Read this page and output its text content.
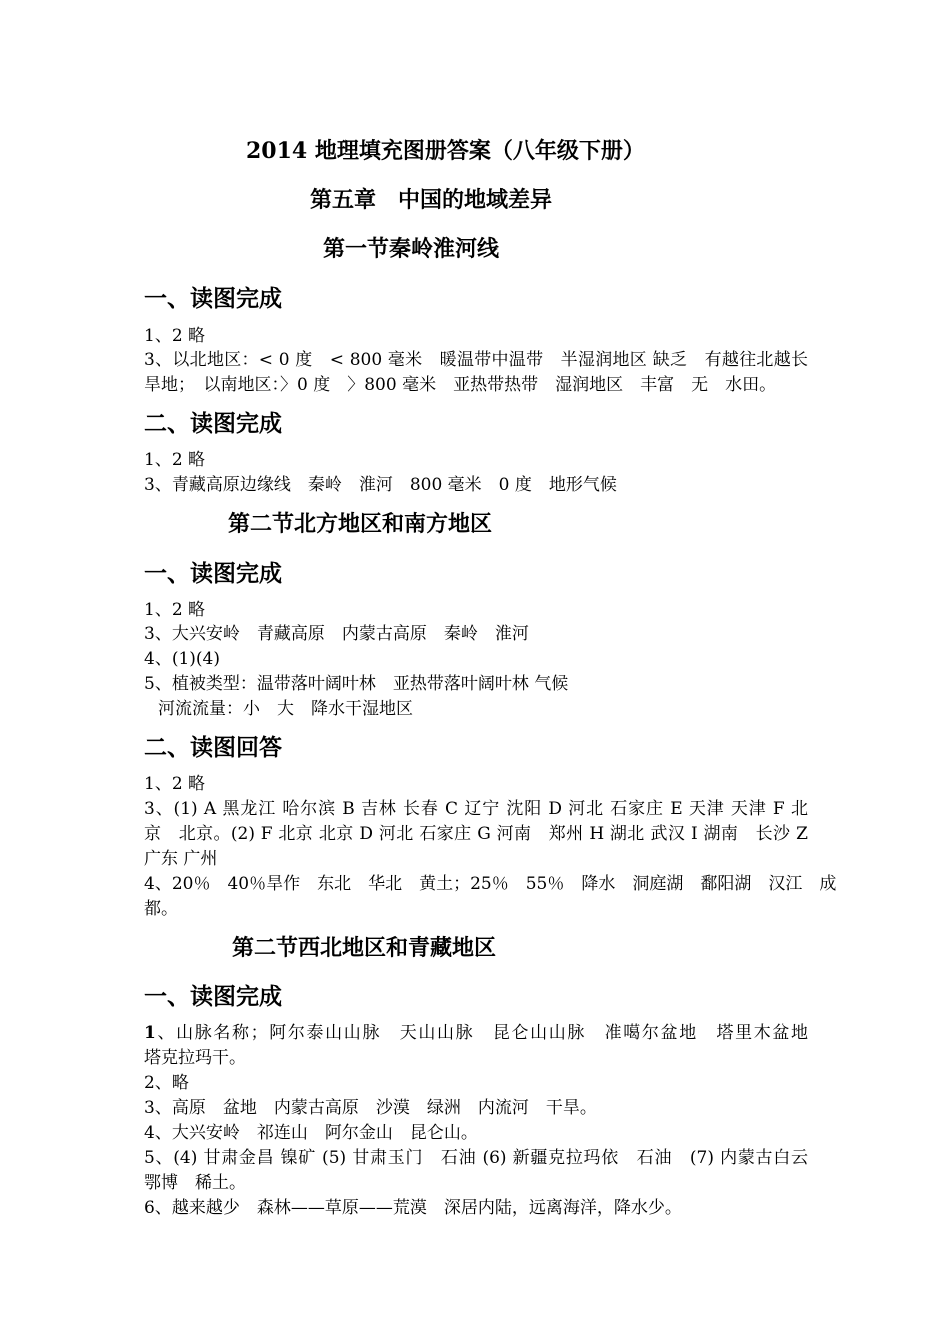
2014 地理填充图册答案（八年级下册）
第五章　中国的地域差异
第一节秦岭淮河线
一、读图完成
1、2 略
3、以北地区：< 0 度　< 800 毫米　暖温带中温带　半湿润地区 缺乏　有越往北越长
旱地；　以南地区：〉0 度　〉800 毫米　亚热带热带　湿润地区　丰富　无　水田。
二、读图完成
1、2 略
3、青藏高原边缘线　秦岭　淮河　800 毫米　0 度　地形气候
第二节北方地区和南方地区
一、读图完成
1、2 略
3、大兴安岭　青藏高原　内蒙古高原　秦岭　淮河
4、(1)(4)
5、植被类型：温带落叶阔叶林　亚热带落叶阔叶林 气候
河流流量：小　大　降水干湿地区
二、读图回答
1、2 略
3、(1) A 黑龙江 哈尔滨 B 吉林 长春 C 辽宁 沈阳 D 河北 石家庄 E 天津 天津 F 北
京　北京。(2) F 北京 北京 D 河北 石家庄 G 河南　郑州 H 湖北 武汉 I 湖南　长沙 Z
广东 广州
4、20％　40％旱作　东北　华北　黄土；25％　55％　降水　洞庭湖　鄱阳湖　汉江　成
都。
第二节西北地区和青藏地区
一、读图完成
1、山脉名称；阿尔泰山山脉　天山山脉　昆仑山山脉　准噶尔盆地　塔里木盆地
塔克拉玛干。
2、略
3、高原　盆地　内蒙古高原　沙漠　绿洲　内流河　干旱。
4、大兴安岭　祁连山　阿尔金山　昆仑山。
5、(4) 甘肃金昌 镍矿 (5) 甘肃玉门　石油 (6) 新疆克拉玛依　石油　(7) 内蒙古白云
鄂博　稀土。
6、越来越少　森林——草原——荒漠　深居内陆，远离海洋，降水少。
